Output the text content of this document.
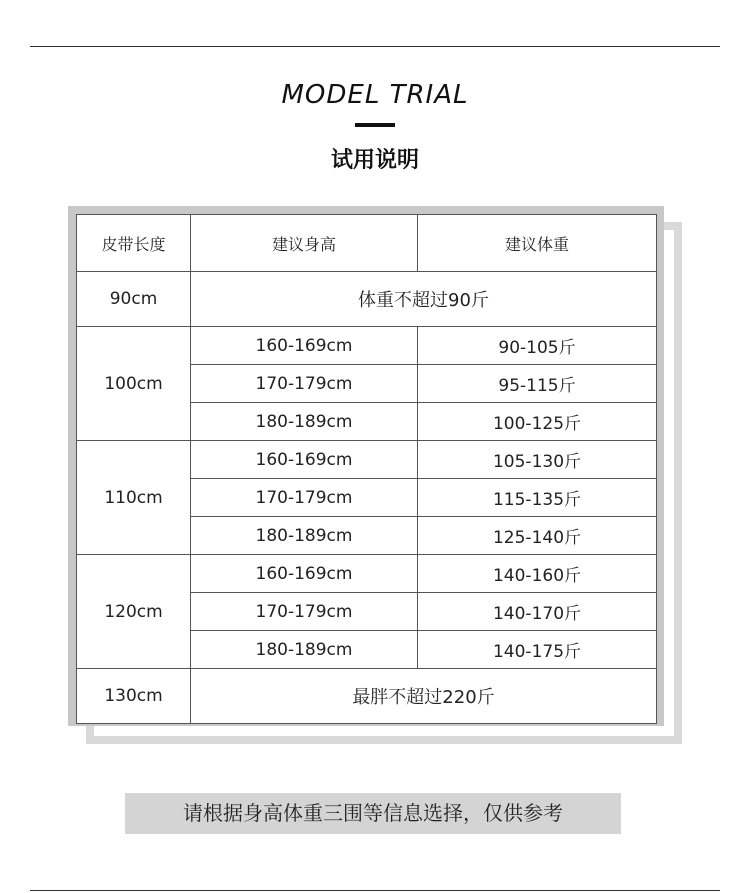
MODEL TRIAL
试用说明
皮带长度	建议身高	建议体重
90cm	体重不超过90斤	
100cm	160-169cm	90-105斤
	170-179cm	95-115斤
	180-189cm	100-125斤
110cm	160-169cm	105-130斤
	170-179cm	115-135斤
	180-189cm	125-140斤
120cm	160-169cm	140-160斤
	170-179cm	140-170斤
	180-189cm	140-175斤
130cm	最胖不超过220斤	
请根据身高体重三围等信息选择，仅供参考
